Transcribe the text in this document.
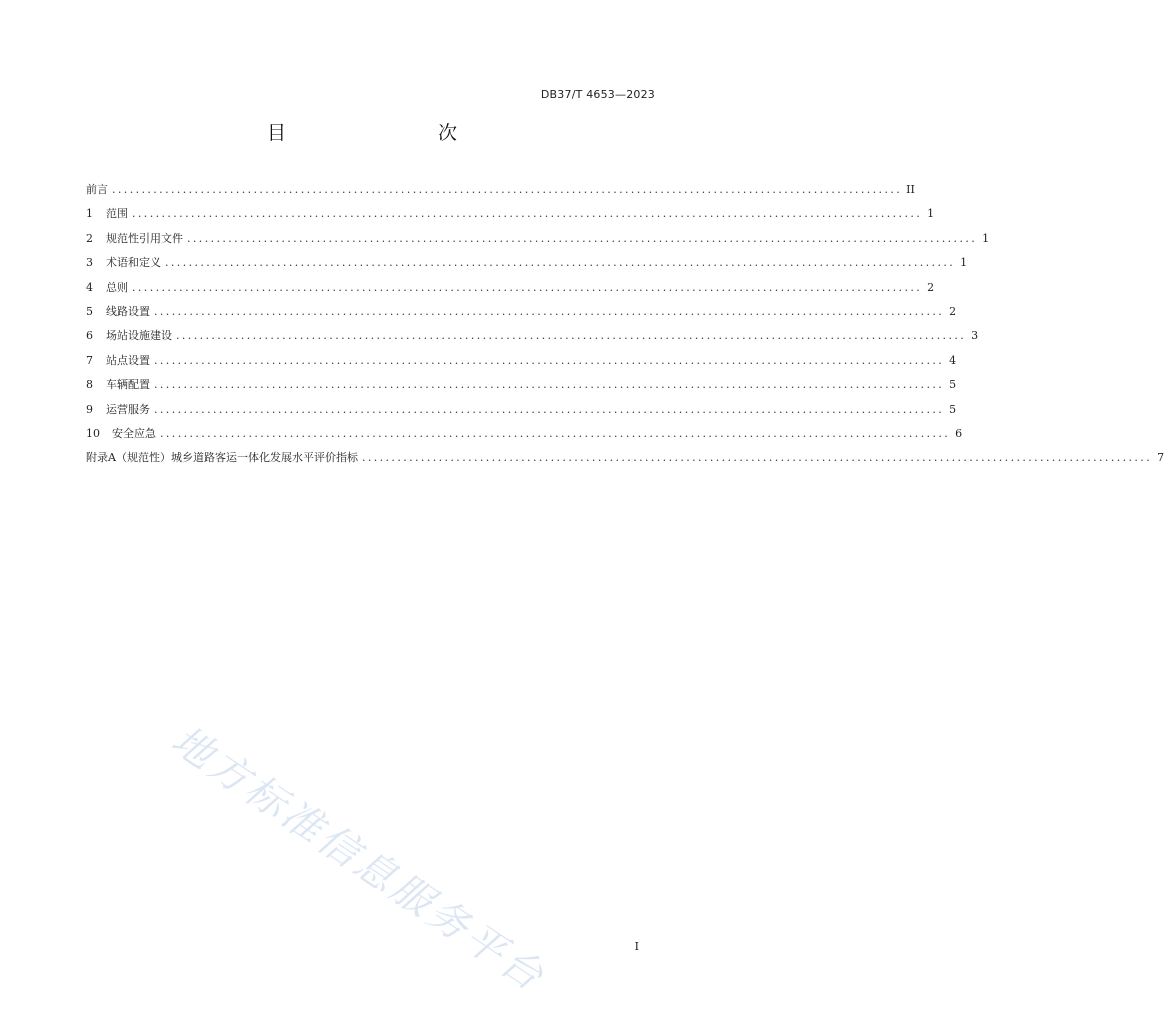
DB37/T 4653—2023
目　　次
前言 ...................................................................................................................................... II
1	范围 ...................................................................................................................................... 1
2	规范性引用文件 ...................................................................................................................................... 1
3	术语和定义 ...................................................................................................................................... 1
4	总则 ...................................................................................................................................... 2
5	线路设置 ...................................................................................................................................... 2
6	场站设施建设 ...................................................................................................................................... 3
7	站点设置 ...................................................................................................................................... 4
8	车辆配置 ...................................................................................................................................... 5
9	运营服务 ...................................................................................................................................... 5
10	安全应急 ...................................................................................................................................... 6
附录A（规范性） 城乡道路客运一体化发展水平评价指标 ...................................................................................................................................... 7
地方标准信息服务平台	I
